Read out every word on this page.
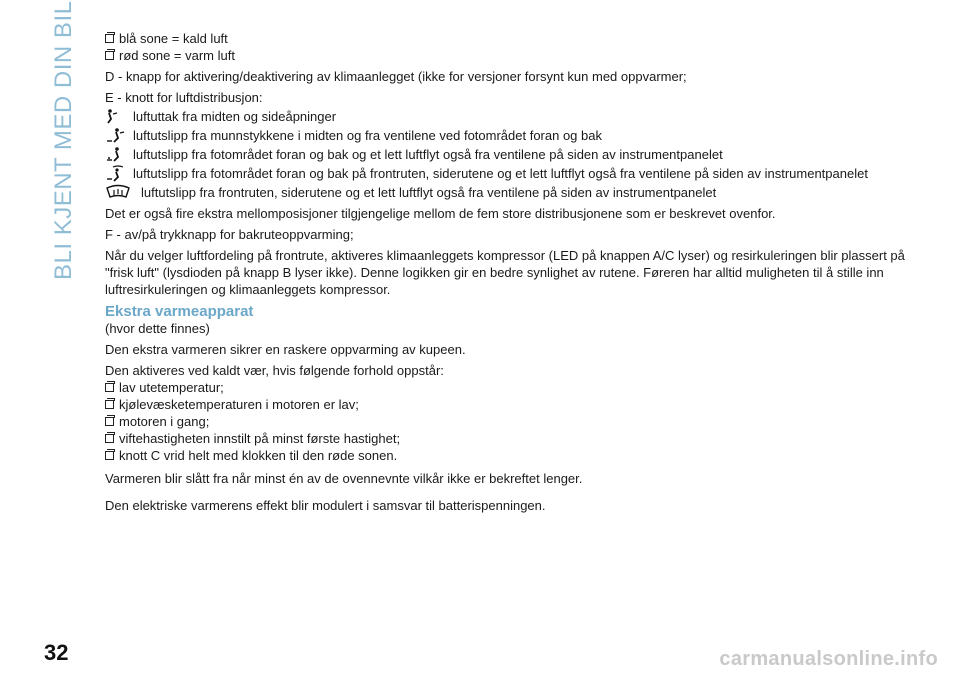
BLI KJENT MED DIN BIL	blå sone = kald luft
rød sone = varm luft

D - knapp for aktivering/deaktivering av klimaanlegget (ikke for versjoner forsynt kun med oppvarmer;

E - knott for luftdistribusjon:

luftuttak fra midten og sideåpninger
luftutslipp fra munnstykkene i midten og fra ventilene ved fotområdet foran og bak
luftutslipp fra fotområdet foran og bak og et lett luftflyt også fra ventilene på siden av instrumentpanelet
luftutslipp fra fotområdet foran og bak på frontruten, siderutene og et lett luftflyt også fra ventilene på siden av instrumentpanelet
luftutslipp fra frontruten, siderutene og et lett luftflyt også fra ventilene på siden av instrumentpanelet

Det er også fire ekstra mellomposisjoner tilgjengelige mellom de fem store distribusjonene som er beskrevet ovenfor.

F - av/på trykknapp for bakruteoppvarming;

Når du velger luftfordeling på frontrute, aktiveres klimaanleggets kompressor (LED på knappen A/C lyser) og resirkuleringen blir plassert på "frisk luft" (lysdioden på knapp B lyser ikke). Denne logikken gir en bedre synlighet av rutene. Føreren har alltid muligheten til å stille inn luftresirkuleringen og klimaanleggets kompressor.

Ekstra varmeapparat

(hvor dette finnes)

Den ekstra varmeren sikrer en raskere oppvarming av kupeen.

Den aktiveres ved kaldt vær, hvis følgende forhold oppstår:

lav utetemperatur;
kjølevæsketemperaturen i motoren er lav;
motoren i gang;
viftehastigheten innstilt på minst første hastighet;
knott C vrid helt med klokken til den røde sonen.

Varmeren blir slått fra når minst én av de ovennevnte vilkår ikke er bekreftet lenger.

Den elektriske varmerens effekt blir modulert i samsvar til batterispenningen.

32	carmanualsonline.info
